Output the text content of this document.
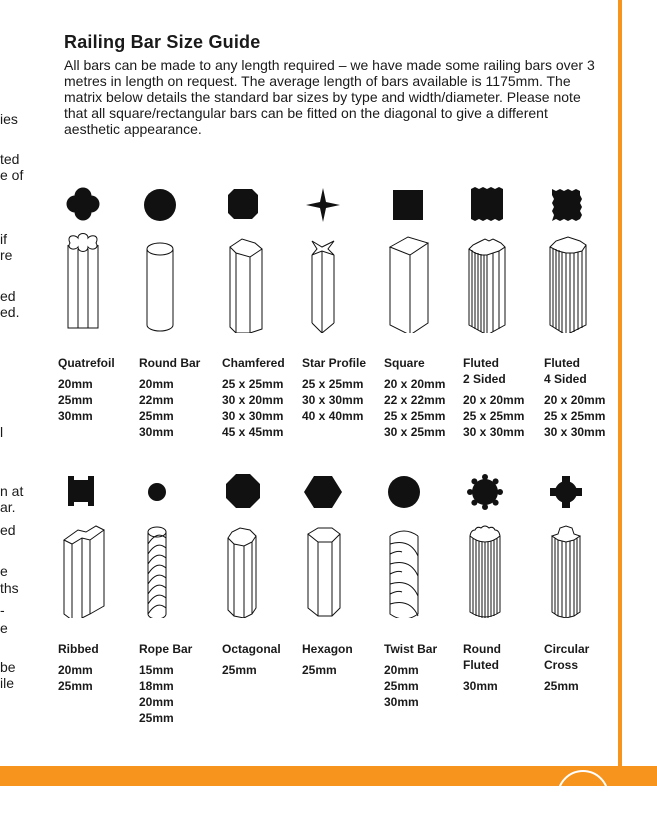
ies
ted
e of
if
re
ed
ed.
l
n at
ar.
ed
e
ths
-
e
be
ile
Railing Bar Size Guide
All bars can be made to any length required – we have made some railing bars over 3 metres in length on request. The average length of bars available is 1175mm. The matrix below details the standard bar sizes by type and width/diameter. Please note that all square/rectangular bars can be fitted on the diagonal to give a different aesthetic appearance.
Quatrefoil
20mm
25mm
30mm
Round Bar
20mm
22mm
25mm
30mm
Chamfered
25 x 25mm
30 x 20mm
30 x 30mm
45 x 45mm
Star Profile
25 x 25mm
30 x 30mm
40 x 40mm
Square
20 x 20mm
22 x 22mm
25 x 25mm
30 x 25mm
Fluted
2 Sided
20 x 20mm
25 x 25mm
30 x 30mm
Fluted
4 Sided
20 x 20mm
25 x 25mm
30 x 30mm
Ribbed
20mm
25mm
Rope Bar
15mm
18mm
20mm
25mm
Octagonal
25mm
Hexagon
25mm
Twist Bar
20mm
25mm
30mm
Round
Fluted
30mm
Circular
Cross
25mm
